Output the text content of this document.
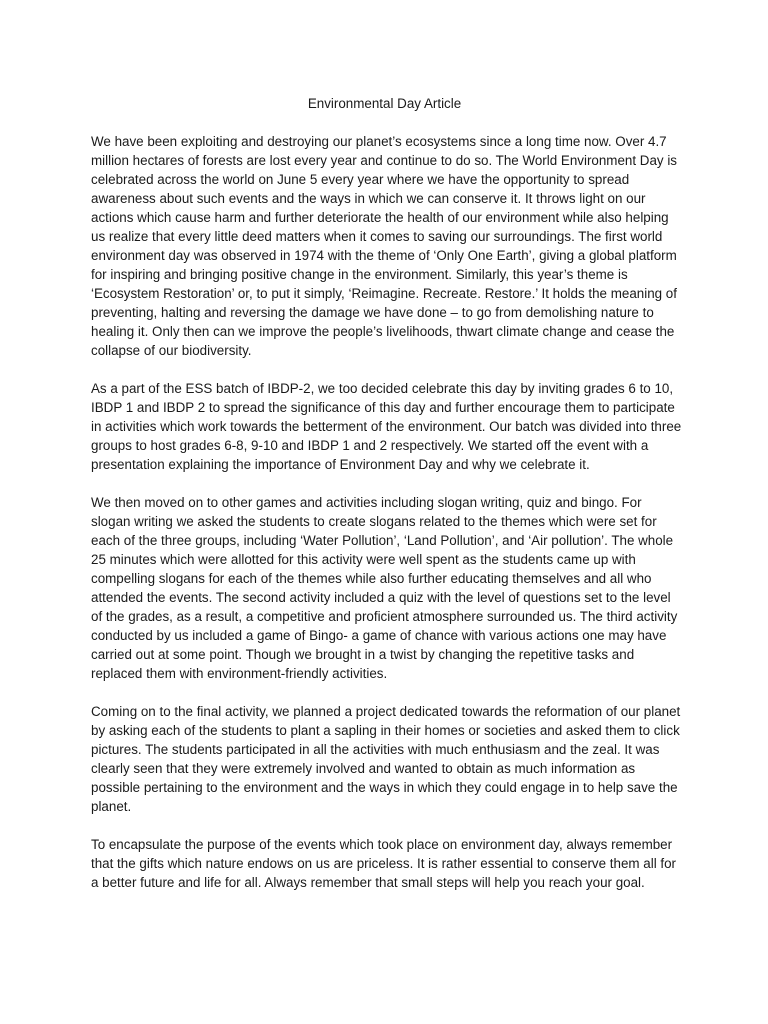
Environmental Day Article

We have been exploiting and destroying our planet’s ecosystems since a long time now. Over 4.7 million hectares of forests are lost every year and continue to do so. The World Environment Day is celebrated across the world on June 5 every year where we have the opportunity to spread awareness about such events and the ways in which we can conserve it. It throws light on our actions which cause harm and further deteriorate the health of our environment while also helping us realize that every little deed matters when it comes to saving our surroundings. The first world environment day was observed in 1974 with the theme of ‘Only One Earth’, giving a global platform for inspiring and bringing positive change in the environment. Similarly, this year’s theme is ‘Ecosystem Restoration’ or, to put it simply, ‘Reimagine. Recreate. Restore.’ It holds the meaning of preventing, halting and reversing the damage we have done – to go from demolishing nature to healing it. Only then can we improve the people’s livelihoods, thwart climate change and cease the collapse of our biodiversity.

As a part of the ESS batch of IBDP-2, we too decided celebrate this day by inviting grades 6 to 10, IBDP 1 and IBDP 2 to spread the significance of this day and further encourage them to participate in activities which work towards the betterment of the environment. Our batch was divided into three groups to host grades 6-8, 9-10 and IBDP 1 and 2 respectively. We started off the event with a presentation explaining the importance of Environment Day and why we celebrate it.

We then moved on to other games and activities including slogan writing, quiz and bingo. For slogan writing we asked the students to create slogans related to the themes which were set for each of the three groups, including ‘Water Pollution’, ‘Land Pollution’, and ‘Air pollution’. The whole 25 minutes which were allotted for this activity were well spent as the students came up with compelling slogans for each of the themes while also further educating themselves and all who attended the events. The second activity included a quiz with the level of questions set to the level of the grades, as a result, a competitive and proficient atmosphere surrounded us. The third activity conducted by us included a game of Bingo- a game of chance with various actions one may have carried out at some point. Though we brought in a twist by changing the repetitive tasks and replaced them with environment-friendly activities.

Coming on to the final activity, we planned a project dedicated towards the reformation of our planet by asking each of the students to plant a sapling in their homes or societies and asked them to click pictures. The students participated in all the activities with much enthusiasm and the zeal. It was clearly seen that they were extremely involved and wanted to obtain as much information as possible pertaining to the environment and the ways in which they could engage in to help save the planet.

To encapsulate the purpose of the events which took place on environment day, always remember that the gifts which nature endows on us are priceless. It is rather essential to conserve them all for a better future and life for all. Always remember that small steps will help you reach your goal.
